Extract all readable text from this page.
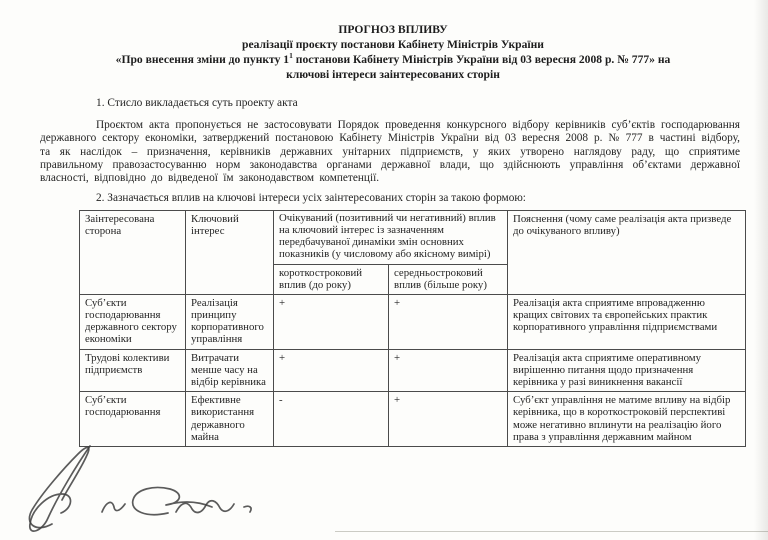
ПРОГНОЗ ВПЛИВУ
реалізації проєкту постанови Кабінету Міністрів України
«Про внесення зміни до пункту $1^1$ постанови Кабінету Міністрів України від 03 вересня 2008 р. № 777» на
ключові інтереси заінтересованих сторін
1. Стисло викладається суть проекту акта
Проєктом акта пропонується не застосовувати Порядок проведення конкурсного відбору керівників суб’єктів господарювання державного сектору економіки, затверджений постановою Кабінету Міністрів України від 03 вересня 2008 р. № 777 в частині відбору, та як наслідок – призначення, керівників державних унітарних підприємств, у яких утворено наглядову раду, що сприятиме правильному правозастосуванню норм законодавства органами державної влади, що здійснюють управління об’єктами державної власності, відповідно до відведеної їм законодавством компетенції.
2. Зазначається вплив на ключові інтереси усіх заінтересованих сторін за такою формою:
Заінтересована сторона	Ключовий інтерес	Очікуваний (позитивний чи негативний) вплив на ключовий інтерес із зазначенням передбачуваної динаміки змін основних показників (у числовому або якісному вимірі)		Пояснення (чому саме реалізація акта призведе до очікуваного впливу)
		короткостроковий вплив (до року)	середньостроковий вплив (більше року)	
Суб’єкти господарювання державного сектору економіки	Реалізація принципу корпоративного управління	+	+	Реалізація акта сприятиме впровадженню кращих світових та європейських практик корпоративного управління підприємствами
Трудові колективи підприємств	Витрачати менше часу на відбір керівника	+	+	Реалізація акта сприятиме оперативному вирішенню питання щодо призначення керівника у разі виникнення вакансії
Суб’єкти господарювання	Ефективне використання державного майна	-	+	Суб’єкт управління не матиме впливу на відбір керівника, що в короткостроковій перспективі може негативно вплинути на реалізацію його права з управління державним майном
